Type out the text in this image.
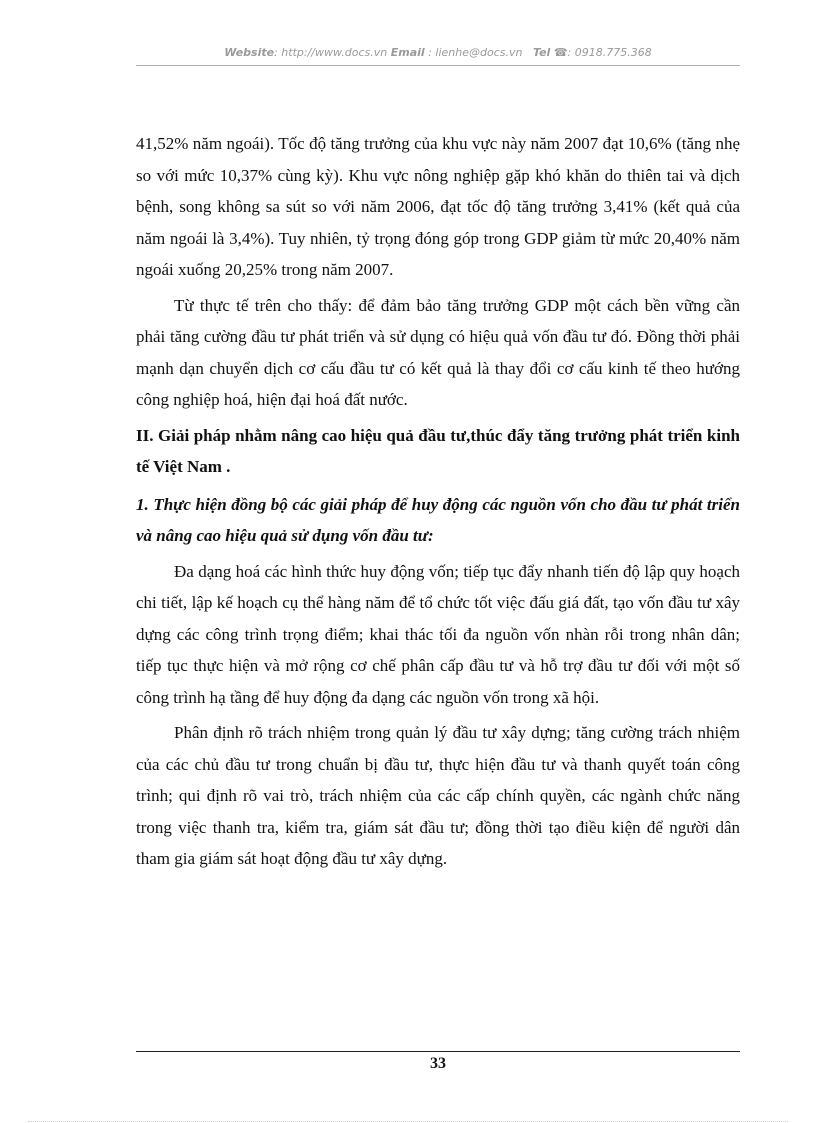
Website: http://www.docs.vn Email : lienhe@docs.vn Tel ☎: 0918.775.368

41,52% năm ngoái). Tốc độ tăng trưởng của khu vực này năm 2007 đạt 10,6% (tăng nhẹ so với mức 10,37% cùng kỳ). Khu vực nông nghiệp gặp khó khăn do thiên tai và dịch bệnh, song không sa sút so với năm 2006, đạt tốc độ tăng trưởng 3,41% (kết quả của năm ngoái là 3,4%). Tuy nhiên, tỷ trọng đóng góp trong GDP giảm từ mức 20,40% năm ngoái xuống 20,25% trong năm 2007.

Từ thực tế trên cho thấy: để đảm bảo tăng trưởng GDP một cách bền vững cần phải tăng cường đầu tư phát triển và sử dụng có hiệu quả vốn đầu tư đó. Đồng thời phải mạnh dạn chuyển dịch cơ cấu đầu tư có kết quả là thay đổi cơ cấu kinh tế theo hướng công nghiệp hoá, hiện đại hoá đất nước.

II. Giải pháp nhằm nâng cao hiệu quả đầu tư,thúc đẩy tăng trưởng phát triển kinh tế Việt Nam .

1. Thực hiện đồng bộ các giải pháp để huy động các nguồn vốn cho đầu tư phát triển và nâng cao hiệu quả sử dụng vốn đầu tư:

Đa dạng hoá các hình thức huy động vốn; tiếp tục đẩy nhanh tiến độ lập quy hoạch chi tiết, lập kế hoạch cụ thể hàng năm để tổ chức tốt việc đấu giá đất, tạo vốn đầu tư xây dựng các công trình trọng điểm; khai thác tối đa nguồn vốn nhàn rỗi trong nhân dân; tiếp tục thực hiện và mở rộng cơ chế phân cấp đầu tư và hỗ trợ đầu tư đối với một số công trình hạ tầng để huy động đa dạng các nguồn vốn trong xã hội.

Phân định rõ trách nhiệm trong quản lý đầu tư xây dựng; tăng cường trách nhiệm của các chủ đầu tư trong chuẩn bị đầu tư, thực hiện đầu tư và thanh quyết toán công trình; qui định rõ vai trò, trách nhiệm của các cấp chính quyền, các ngành chức năng trong việc thanh tra, kiểm tra, giám sát đầu tư; đồng thời tạo điều kiện để người dân tham gia giám sát hoạt động đầu tư xây dựng.

33
